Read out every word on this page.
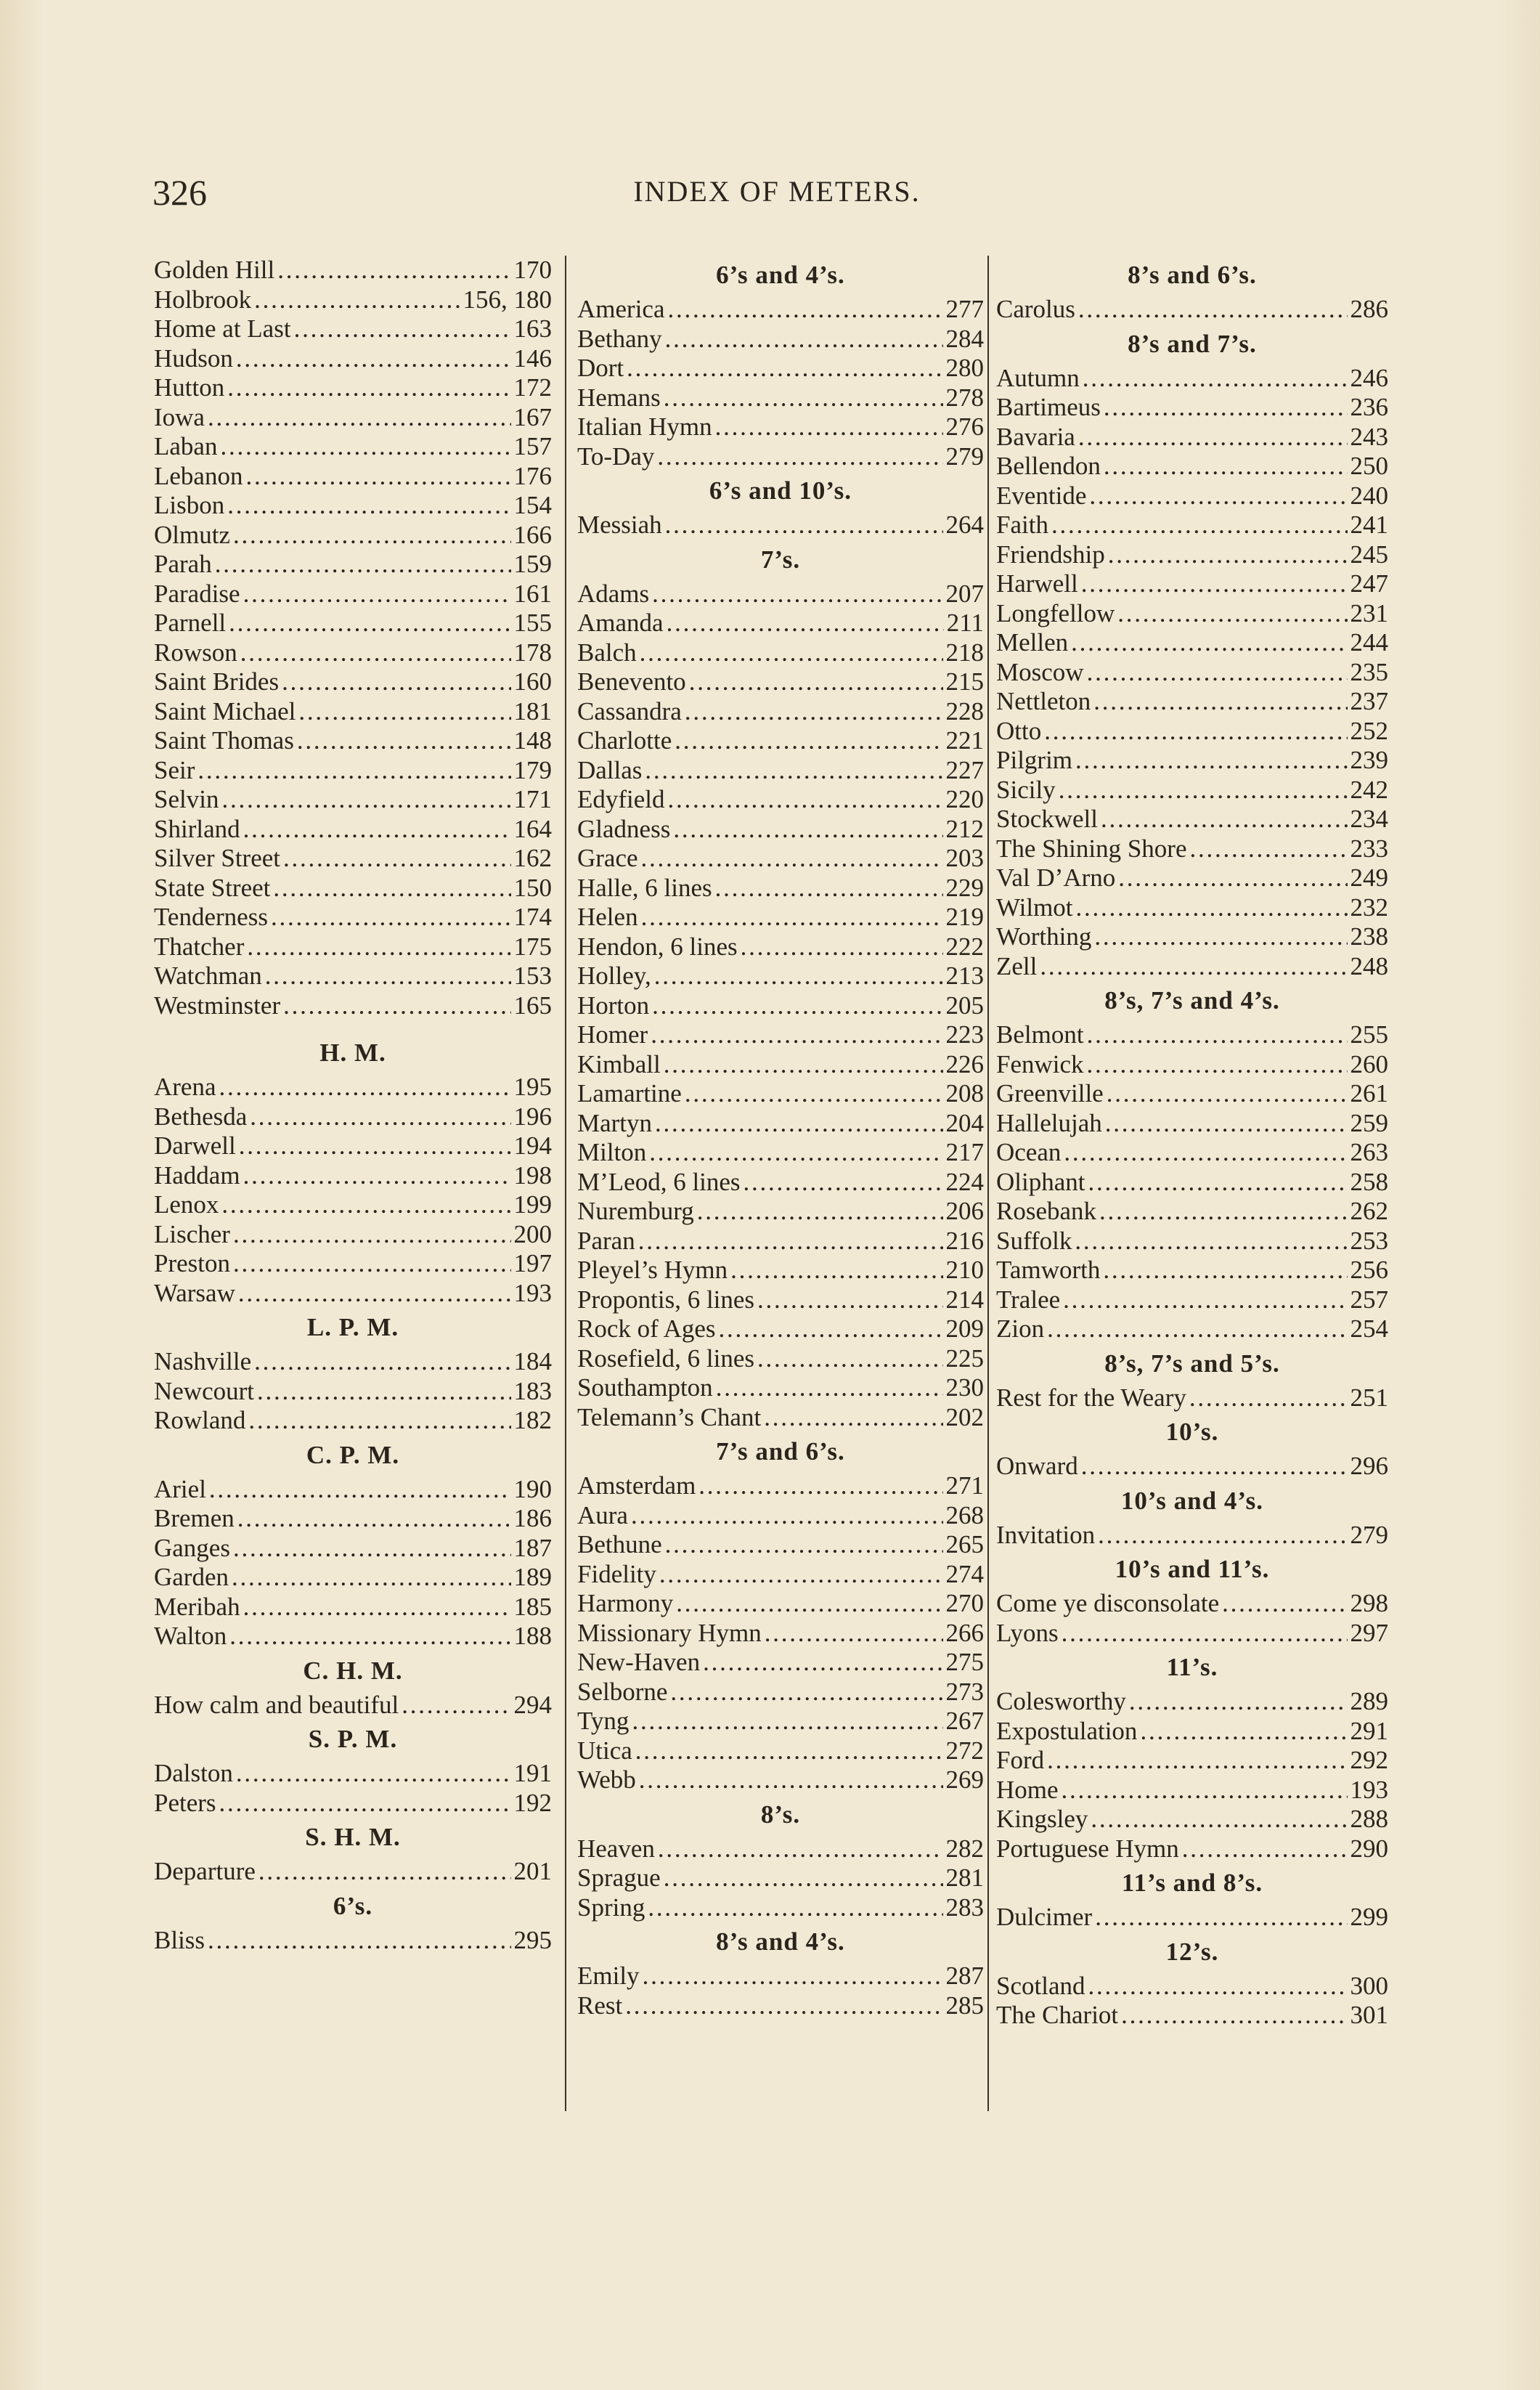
326	INDEX OF METERS.
Golden Hill . . .	170
Holbrook . . .	156, 180
Home at Last . . .	163
Hudson . . .	146
Hutton . . .	172
Iowa . . .	167
Laban . . .	157
Lebanon . . .	176
Lisbon . . .	154
Olmutz . . .	166
Parah . . .	159
Paradise . . .	161
Parnell . . .	155
Rowson . . .	178
Saint Brides . . .	160
Saint Michael . . .	181
Saint Thomas . . .	148
Seir . . .	179
Selvin . . .	171
Shirland . . .	164
Silver Street . . .	162
State Street . . .	150
Tenderness . . .	174
Thatcher . . .	175
Watchman . . .	153
Westminster . . .	165
H. M.
Arena . . .	195
Bethesda . . .	196
Darwell . . .	194
Haddam . . .	198
Lenox . . .	199
Lischer . . .	200
Preston . . .	197
Warsaw . . .	193
L. P. M.
Nashville . . .	184
Newcourt . . .	183
Rowland . . .	182
C. P. M.
Ariel . . .	190
Bremen . . .	186
Ganges . . .	187
Garden . . .	189
Meribah . . .	185
Walton . . .	188
C. H. M.
How calm and beautiful . . .	294
S. P. M.
Dalston . . .	191
Peters . . .	192
S. H. M.
Departure . . .	201
6’s.
Bliss . . .	295
6’s and 4’s.
America . . .	277
Bethany . . .	284
Dort . . .	280
Hemans . . .	278
Italian Hymn . . .	276
To-Day . . .	279
6’s and 10’s.
Messiah . . .	264
7’s.
Adams . . .	207
Amanda . . .	211
Balch . . .	218
Benevento . . .	215
Cassandra . . .	228
Charlotte . . .	221
Dallas . . .	227
Edyfield . . .	220
Gladness . . .	212
Grace . . .	203
Halle, 6 lines . . .	229
Helen . . .	219
Hendon, 6 lines . . .	222
Holley, . . .	213
Horton . . .	205
Homer . . .	223
Kimball . . .	226
Lamartine . . .	208
Martyn . . .	204
Milton . . .	217
M’Leod, 6 lines . . .	224
Nuremburg . . .	206
Paran . . .	216
Pleyel’s Hymn . . .	210
Propontis, 6 lines . . .	214
Rock of Ages . . .	209
Rosefield, 6 lines . . .	225
Southampton . . .	230
Telemann’s Chant . . .	202
7’s and 6’s.
Amsterdam . . .	271
Aura . . .	268
Bethune . . .	265
Fidelity . . .	274
Harmony . . .	270
Missionary Hymn . . .	266
New-Haven . . .	275
Selborne . . .	273
Tyng . . .	267
Utica . . .	272
Webb . . .	269
8’s.
Heaven . . .	282
Sprague . . .	281
Spring . . .	283
8’s and 4’s.
Emily . . .	287
Rest . . .	285
8’s and 6’s.
Carolus . . .	286
8’s and 7’s.
Autumn . . .	246
Bartimeus . . .	236
Bavaria . . .	243
Bellendon . . .	250
Eventide . . .	240
Faith . . .	241
Friendship . . .	245
Harwell . . .	247
Longfellow . . .	231
Mellen . . .	244
Moscow . . .	235
Nettleton . . .	237
Otto . . .	252
Pilgrim . . .	239
Sicily . . .	242
Stockwell . . .	234
The Shining Shore . . .	233
Val D’Arno . . .	249
Wilmot . . .	232
Worthing . . .	238
Zell . . .	248
8’s, 7’s and 4’s.
Belmont . . .	255
Fenwick . . .	260
Greenville . . .	261
Hallelujah . . .	259
Ocean . . .	263
Oliphant . . .	258
Rosebank . . .	262
Suffolk . . .	253
Tamworth . . .	256
Tralee . . .	257
Zion . . .	254
8’s, 7’s and 5’s.
Rest for the Weary . . .	251
10’s.
Onward . . .	296
10’s and 4’s.
Invitation . . .	279
10’s and 11’s.
Come ye disconsolate . . .	298
Lyons . . .	297
11’s.
Colesworthy . . .	289
Expostulation . . .	291
Ford . . .	292
Home . . .	193
Kingsley . . .	288
Portuguese Hymn . . .	290
11’s and 8’s.
Dulcimer . . .	299
12’s.
Scotland . . .	300
The Chariot . . .	301
